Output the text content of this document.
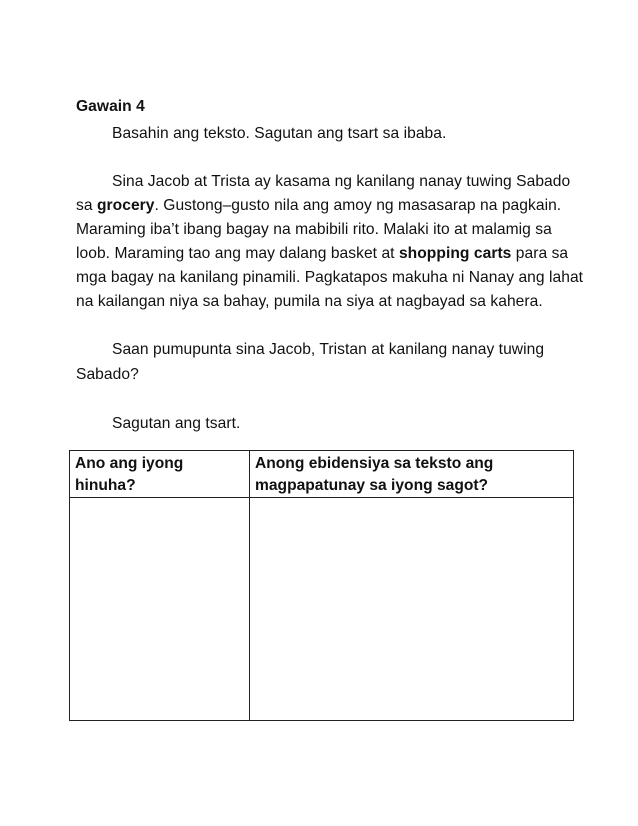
Gawain 4
Basahin ang teksto. Sagutan ang tsart sa ibaba.
Sina Jacob at Trista ay kasama ng kanilang nanay tuwing Sabado
sa grocery. Gustong–gusto nila ang amoy ng masasarap na pagkain.
Maraming iba’t ibang bagay na mabibili rito. Malaki ito at malamig sa
loob. Maraming tao ang may dalang basket at shopping carts para sa
mga bagay na kanilang pinamili. Pagkatapos makuha ni Nanay ang lahat
na kailangan niya sa bahay, pumila na siya at nagbayad sa kahera.
Saan pumupunta sina Jacob, Tristan at kanilang nanay tuwing
Sabado?
Sagutan ang tsart.
Ano ang iyong hinuha?	Anong ebidensiya sa teksto ang
magpapatunay sa iyong sagot?
